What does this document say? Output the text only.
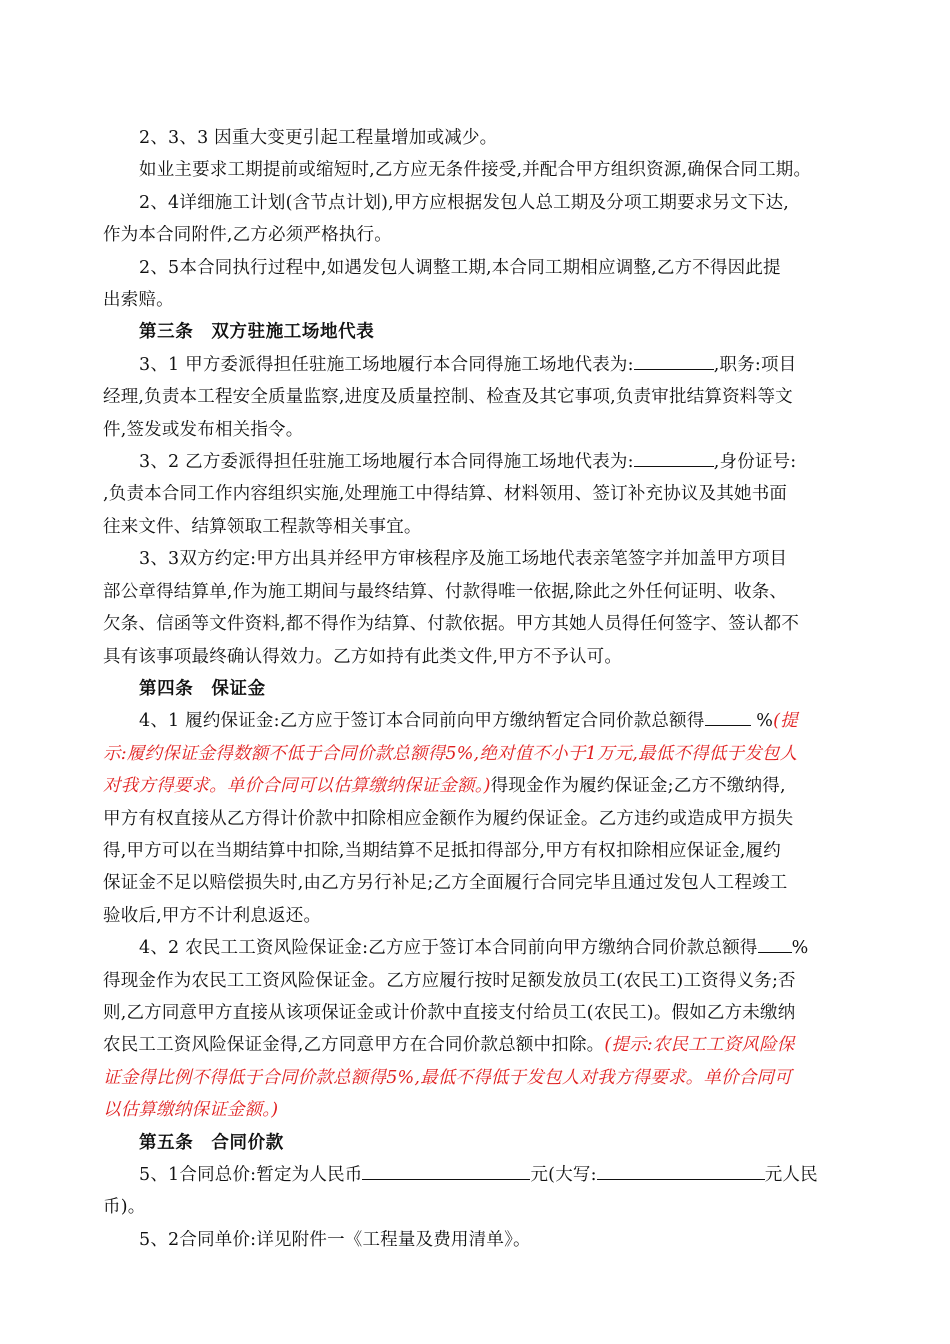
2、3、3 因重大变更引起工程量增加或减少。
如业主要求工期提前或缩短时,乙方应无条件接受,并配合甲方组织资源,确保合同工期。
2、4详细施工计划(含节点计划),甲方应根据发包人总工期及分项工期要求另文下达,
作为本合同附件,乙方必须严格执行。
2、5本合同执行过程中,如遇发包人调整工期,本合同工期相应调整,乙方不得因此提
出索赔。
第三条　双方驻施工场地代表
3、1 甲方委派得担任驻施工场地履行本合同得施工场地代表为:	,职务:项目
经理,负责本工程安全质量监察,进度及质量控制、检查及其它事项,负责审批结算资料等文
件,签发或发布相关指令。
3、2 乙方委派得担任驻施工场地履行本合同得施工场地代表为:	,身份证号:
,负责本合同工作内容组织实施,处理施工中得结算、材料领用、签订补充协议及其她书面
往来文件、结算领取工程款等相关事宜。
3、3双方约定:甲方出具并经甲方审核程序及施工场地代表亲笔签字并加盖甲方项目
部公章得结算单,作为施工期间与最终结算、付款得唯一依据,除此之外任何证明、收条、
欠条、信函等文件资料,都不得作为结算、付款依据。甲方其她人员得任何签字、签认都不
具有该事项最终确认得效力。乙方如持有此类文件,甲方不予认可。
第四条　保证金
4、1 履约保证金:乙方应于签订本合同前向甲方缴纳暂定合同价款总额得	%(提
示:履约保证金得数额不低于合同价款总额得5%,绝对值不小于1万元,最低不得低于发包人
对我方得要求。单价合同可以估算缴纳保证金额。)得现金作为履约保证金;乙方不缴纳得,
甲方有权直接从乙方得计价款中扣除相应金额作为履约保证金。乙方违约或造成甲方损失
得,甲方可以在当期结算中扣除,当期结算不足抵扣得部分,甲方有权扣除相应保证金,履约
保证金不足以赔偿损失时,由乙方另行补足;乙方全面履行合同完毕且通过发包人工程竣工
验收后,甲方不计利息返还。
4、2 农民工工资风险保证金:乙方应于签订本合同前向甲方缴纳合同价款总额得 %
得现金作为农民工工资风险保证金。乙方应履行按时足额发放员工(农民工)工资得义务;否
则,乙方同意甲方直接从该项保证金或计价款中直接支付给员工(农民工)。假如乙方未缴纳
农民工工资风险保证金得,乙方同意甲方在合同价款总额中扣除。(提示:农民工工资风险保
证金得比例不得低于合同价款总额得5%,最低不得低于发包人对我方得要求。单价合同可
以估算缴纳保证金额。)
第五条　合同价款
5、1合同总价:暂定为人民币	元(大写:	元人民
币)。
5、2合同单价:详见附件一《工程量及费用清单》。
